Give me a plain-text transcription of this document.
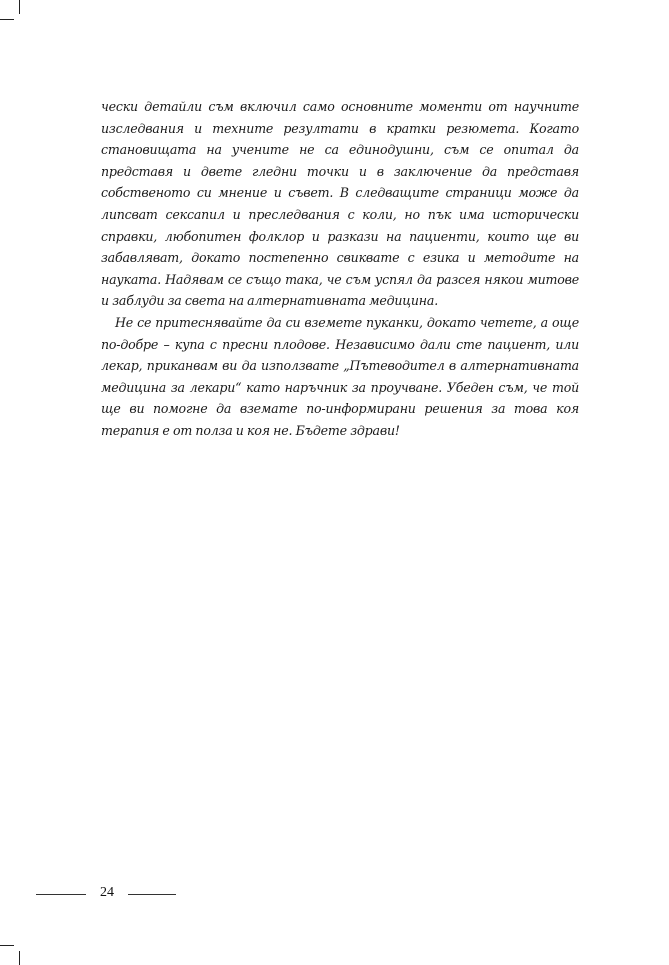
чески детайли съм включил само основните моменти от научните изследвания и техните резултати в кратки резюмета. Когато становищата на учените не са единодушни, съм се опитал да представя и двете гледни точки и в заключение да представя собственото си мнение и съвет. В следващите страници може да липсват сексапил и преследвания с коли, но пък има исторически справки, любопитен фолклор и разкази на пациенти, които ще ви забавляват, докато постепенно свиквате с езика и методите на науката. Надявам се също така, че съм успял да разсея някои митове и заблуди за света на алтернативната медицина.

Не се притеснявайте да си вземете пуканки, докато четете, а още по-добре – купа с пресни плодове. Независимо дали сте пациент, или лекар, приканвам ви да използвате „Пътеводител в алтернативната медицина за лекари“ като наръчник за проучване. Убеден съм, че той ще ви помогне да вземате по-информирани решения за това коя терапия е от полза и коя не. Бъдете здрави!

24
